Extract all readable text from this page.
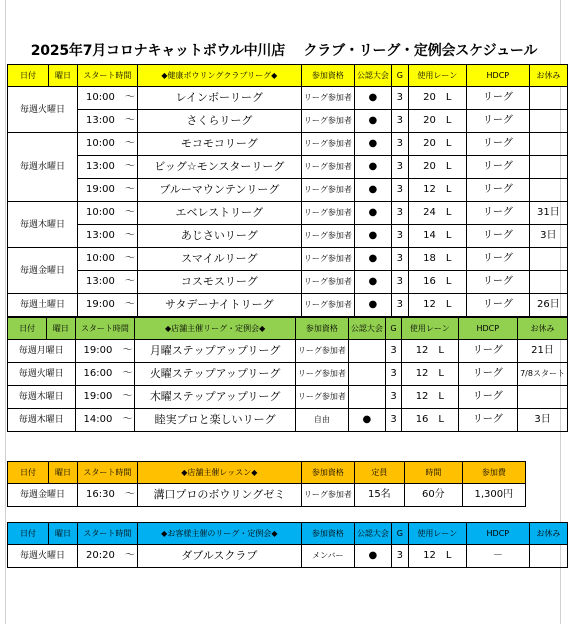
2025年7月コロナキャットボウル中川店　 クラブ・リーグ・定例会スケジュール
日付	曜日	スタート時間	◆健康ボウリングクラブリーグ◆	参加資格	公認大会	G	使用レーン	HDCP	お休み
毎週火曜日		10:00　～	レインボーリーグ	リーグ参加者	●	3	20　L	リーグ	
		13:00　～	さくらリーグ	リーグ参加者	●	3	20　L	リーグ	
毎週水曜日		10:00　～	モコモコリーグ	リーグ参加者	●	3	20　L	リーグ	
		13:00　～	ビッグ☆モンスターリーグ	リーグ参加者	●	3	20　L	リーグ	
		19:00　～	ブルーマウンテンリーグ	リーグ参加者	●	3	12　L	リーグ	
毎週木曜日		10:00　～	エベレストリーグ	リーグ参加者	●	3	24　L	リーグ	31日
		13:00　～	あじさいリーグ	リーグ参加者	●	3	14　L	リーグ	3日
毎週金曜日		10:00　～	スマイルリーグ	リーグ参加者	●	3	18　L	リーグ	
		13:00　～	コスモスリーグ	リーグ参加者	●	3	16　L	リーグ	
毎週土曜日		19:00　～	サタデーナイトリーグ	リーグ参加者	●	3	12　L	リーグ	26日
日付	曜日	スタート時間	◆店舗主催リーグ・定例会◆	参加資格	公認大会	G	使用レーン	HDCP	お休み
毎週月曜日		19:00　～	月曜ステップアップリーグ	リーグ参加者		3	12　L	リーグ	21日
毎週火曜日		16:00　～	火曜ステップアップリーグ	リーグ参加者		3	12　L	リーグ	7/8スタート
毎週木曜日		19:00　～	木曜ステップアップリーグ	リーグ参加者		3	12　L	リーグ	
毎週木曜日		14:00　～	睦実プロと楽しいリーグ	自由	●	3	16　L	リーグ	3日
日付	曜日	スタート時間	◆店舗主催レッスン◆	参加資格	定員	時間	参加費
毎週金曜日		16:30　～	溝口プロのボウリングゼミ	リーグ参加者	15名	60分	1,300円
日付	曜日	スタート時間	◆お客様主催のリーグ・定例会◆	参加資格	公認大会	G	使用レーン	HDCP	お休み
毎週火曜日		20:20　～	ダブルスクラブ	メンバー	●	3	12　L	－	
